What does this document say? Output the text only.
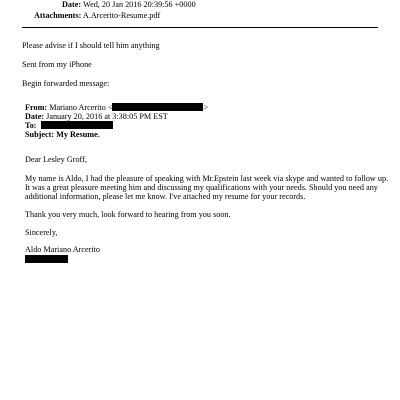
Date: Wed, 20 Jan 2016 20:39:56 +0000
Attachments: A.Arcerito-Resume.pdf
Please advise if I should tell him anything
Sent from my iPhone
Begin forwarded message:
From: Mariano Arcerito <	>
Date: January 20, 2016 at 3:38:05 PM EST
To:
Subject: My Resume.
Dear Lesley Groff,
My name is Aldo, I had the pleasure of speaking with Mr.Epstein last week via skype and wanted to follow up.
It was a great pleasure meeting him and discussing my qualifications with your needs. Should you need any
additional information, please let me know. I've attached my resume for your records.
Thank you very much, look forward to hearing from you soon.
Sincerely,
Aldo Mariano Arcerito
